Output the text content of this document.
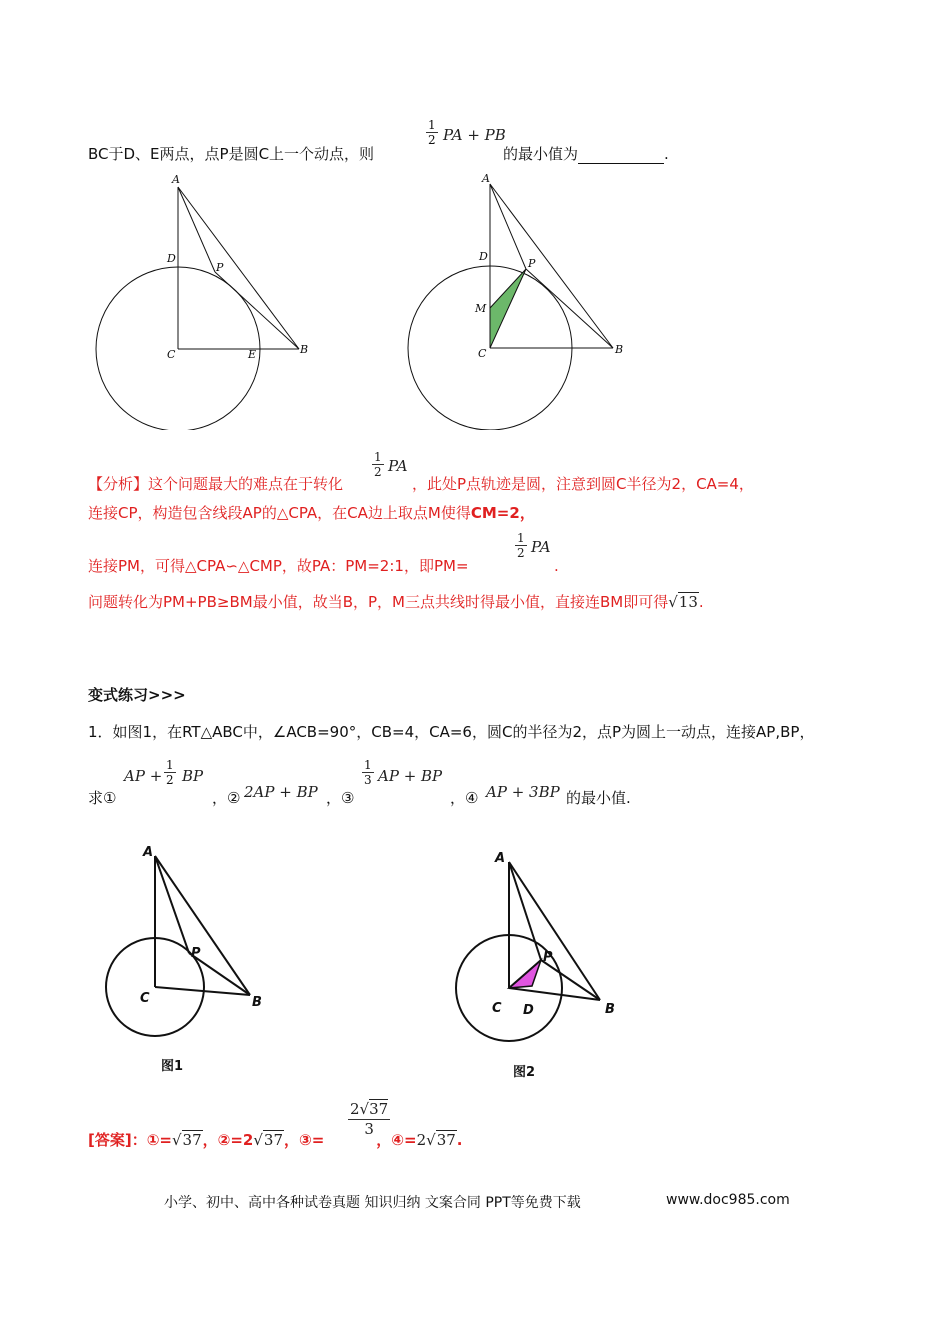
BC于D、E两点，点P是圆C上一个动点，则
$\frac{1}{2}$ PA + PB
的最小值为	.
A
D
P
C	E	B
A
D
P
M
C	B
【分析】这个问题最大的难点在于转化
$\frac{1}{2}$ PA
，此处P点轨迹是圆，注意到圆C半径为2，CA=4，
连接CP，构造包含线段AP的△CPA，在CA边上取点M使得CM=2，
连接PM，可得△CPA∽△CMP，故PA：PM=2:1，即PM=
$\frac{1}{2}$ PA
.
问题转化为PM+PB≥BM最小值，故当B，P，M三点共线时得最小值，直接连BM即可得√13.
变式练习>>>
1．如图1，在RT△ABC中，∠ACB=90°，CB=4，CA=6，圆C的半径为2，点P为圆上一动点，连接AP,BP，
求①
AP + $\frac{1}{2}$ BP
，② 2AP + BP ，③
$\frac{1}{3}$ AP + BP
，④ AP + 3BP 的最小值.
A
P
C	B
图1
A
P
C D	B
图2
[答案]：①=√37，②=2√37，③=	，④=2√37.
$\frac{2√37}{3}$
小学、初中、高中各种试卷真题 知识归纳 文案合同 PPT等免费下载	www.doc985.com
